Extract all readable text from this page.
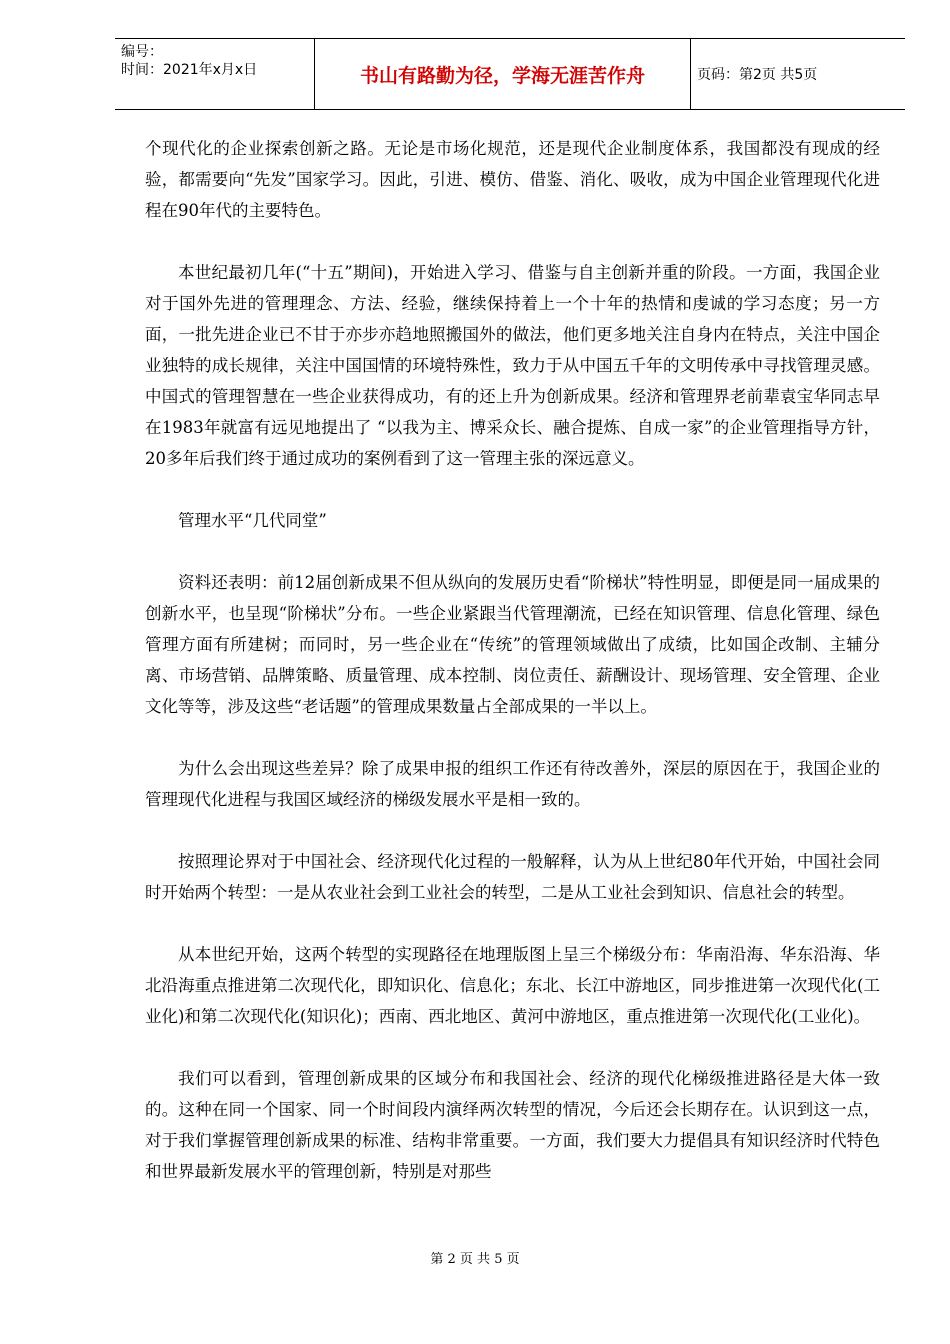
编号：
时间：2021年x月x日	书山有路勤为径，学海无涯苦作舟	页码：第2页 共5页

个现代化的企业探索创新之路。无论是市场化规范，还是现代企业制度体系，我国都没有现成的经验，都需要向“先发”国家学习。因此，引进、模仿、借鉴、消化、吸收，成为中国企业管理现代化进程在90年代的主要特色。

本世纪最初几年(“十五”期间)，开始进入学习、借鉴与自主创新并重的阶段。一方面，我国企业对于国外先进的管理理念、方法、经验，继续保持着上一个十年的热情和虔诚的学习态度；另一方面，一批先进企业已不甘于亦步亦趋地照搬国外的做法，他们更多地关注自身内在特点，关注中国企业独特的成长规律，关注中国国情的环境特殊性，致力于从中国五千年的文明传承中寻找管理灵感。中国式的管理智慧在一些企业获得成功，有的还上升为创新成果。经济和管理界老前辈袁宝华同志早在1983年就富有远见地提出了 “以我为主、博采众长、融合提炼、自成一家”的企业管理指导方针，20多年后我们终于通过成功的案例看到了这一管理主张的深远意义。

管理水平“几代同堂”

资料还表明：前12届创新成果不但从纵向的发展历史看“阶梯状”特性明显，即便是同一届成果的创新水平，也呈现“阶梯状”分布。一些企业紧跟当代管理潮流，已经在知识管理、信息化管理、绿色管理方面有所建树；而同时，另一些企业在“传统”的管理领域做出了成绩，比如国企改制、主辅分离、市场营销、品牌策略、质量管理、成本控制、岗位责任、薪酬设计、现场管理、安全管理、企业文化等等，涉及这些“老话题”的管理成果数量占全部成果的一半以上。

为什么会出现这些差异？除了成果申报的组织工作还有待改善外，深层的原因在于，我国企业的管理现代化进程与我国区域经济的梯级发展水平是相一致的。

按照理论界对于中国社会、经济现代化过程的一般解释，认为从上世纪80年代开始，中国社会同时开始两个转型：一是从农业社会到工业社会的转型，二是从工业社会到知识、信息社会的转型。

从本世纪开始，这两个转型的实现路径在地理版图上呈三个梯级分布：华南沿海、华东沿海、华北沿海重点推进第二次现代化，即知识化、信息化；东北、长江中游地区，同步推进第一次现代化(工业化)和第二次现代化(知识化)；西南、西北地区、黄河中游地区，重点推进第一次现代化(工业化)。

我们可以看到，管理创新成果的区域分布和我国社会、经济的现代化梯级推进路径是大体一致的。这种在同一个国家、同一个时间段内演绎两次转型的情况，今后还会长期存在。认识到这一点，对于我们掌握管理创新成果的标准、结构非常重要。一方面，我们要大力提倡具有知识经济时代特色和世界最新发展水平的管理创新，特别是对那些

第 2 页 共 5 页
